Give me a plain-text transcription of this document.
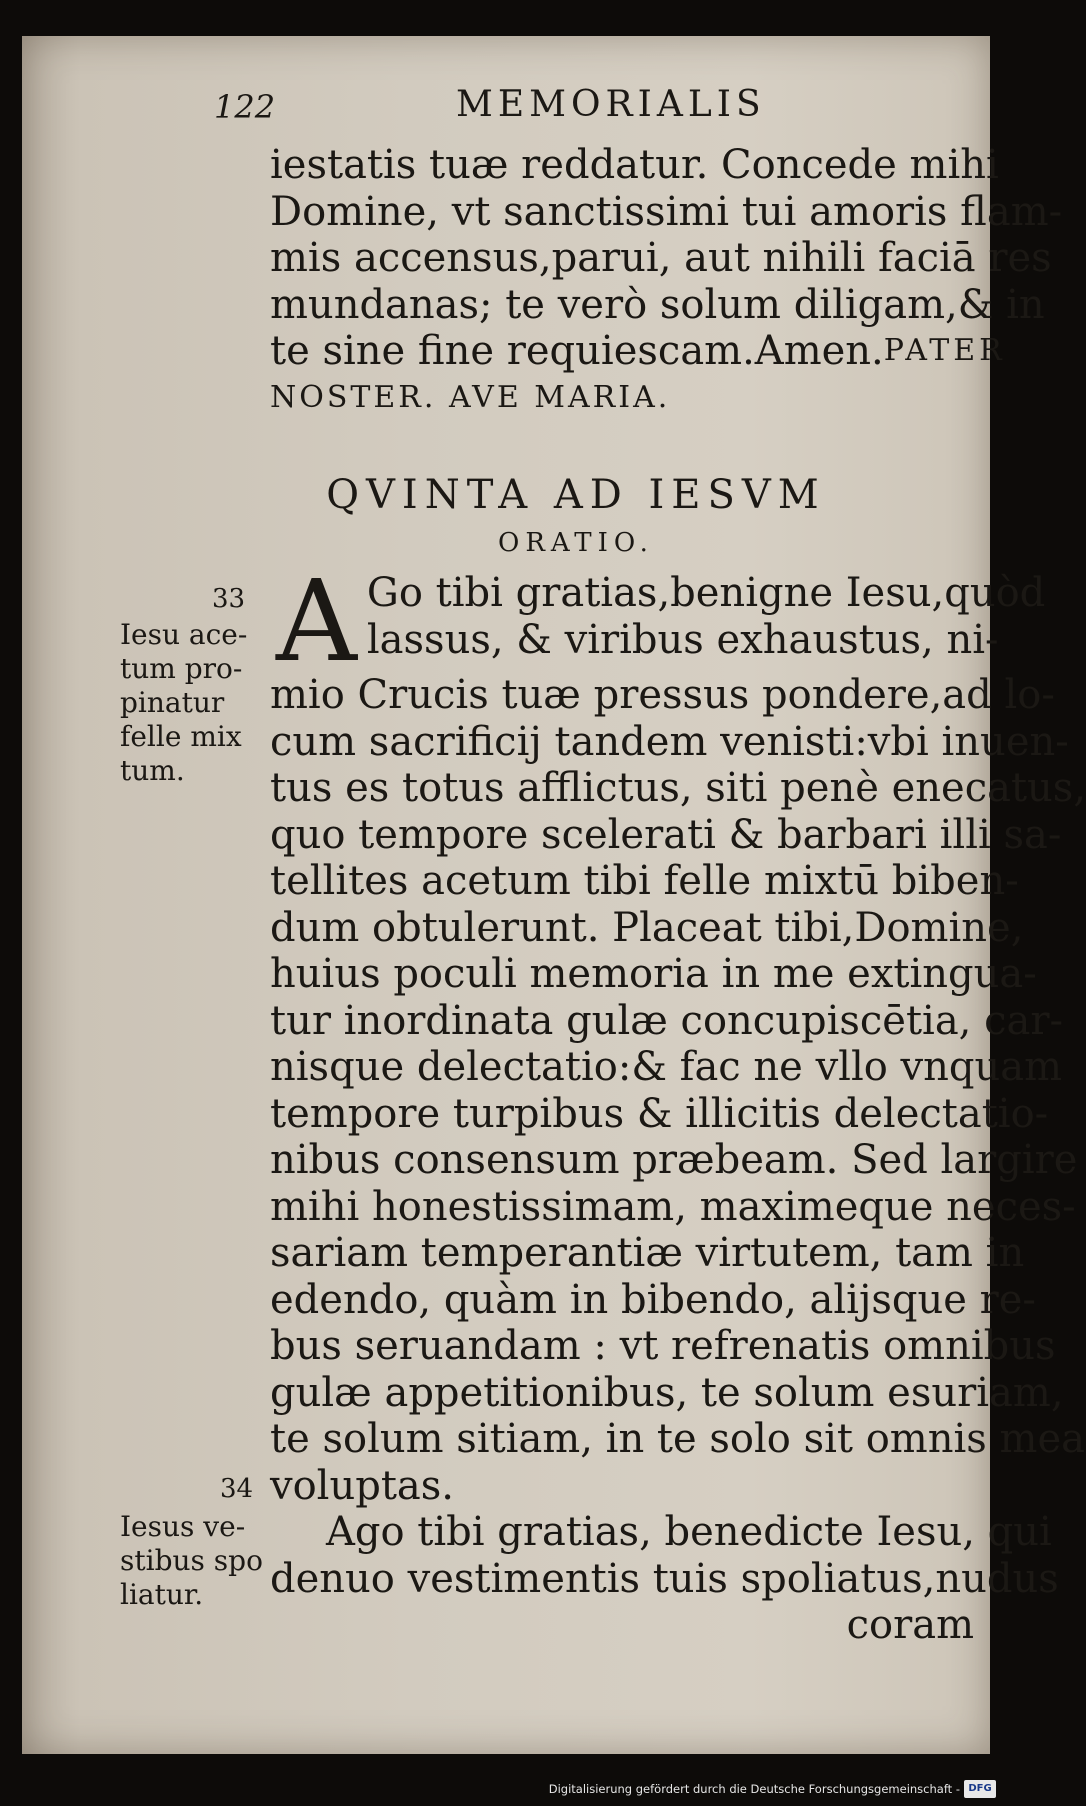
122	MEMORIALIS
iestatis tuæ reddatur. Concede mihi
Domine, vt sanctissimi tui amoris flam-
mis accensus,parui, aut nihili faciā res
mundanas; te verò solum diligam,& in
te sine fine requiescam.Amen. PATER
NOSTER. AVE MARIA.
QVINTA AD IESVM
ORATIO.
A Go tibi gratias,benigne Iesu,quòd
lassus, & viribus exhaustus, ni-
mio Crucis tuæ pressus pondere,ad lo-
cum sacrificij tandem venisti:vbi inuen-
tus es totus afflictus, siti penè enecatus,
quo tempore scelerati & barbari illi sa-
tellites acetum tibi felle mixtū biben-
dum obtulerunt. Placeat tibi,Domine,
huius poculi memoria in me extingua-
tur inordinata gulæ concupiscētia, car-
nisque delectatio:& fac ne vllo vnquam
tempore turpibus & illicitis delectatio-
nibus consensum præbeam. Sed largire
mihi honestissimam, maximeque neces-
sariam temperantiæ virtutem, tam in
edendo, quàm in bibendo, alijsque re-
bus seruandam : vt refrenatis omnibus
gulæ appetitionibus, te solum esuriam,
te solum sitiam, in te solo sit omnis mea
voluptas.
Ago tibi gratias, benedicte Iesu, qui
denuo vestimentis tuis spoliatus,nudus
coram
33
Iesu ace-
tum pro-
pinatur
felle mix
tum.
34
Iesus ve-
stibus spo
liatur.
Digitalisierung gefördert durch die Deutsche Forschungsgemeinschaft - DFG
